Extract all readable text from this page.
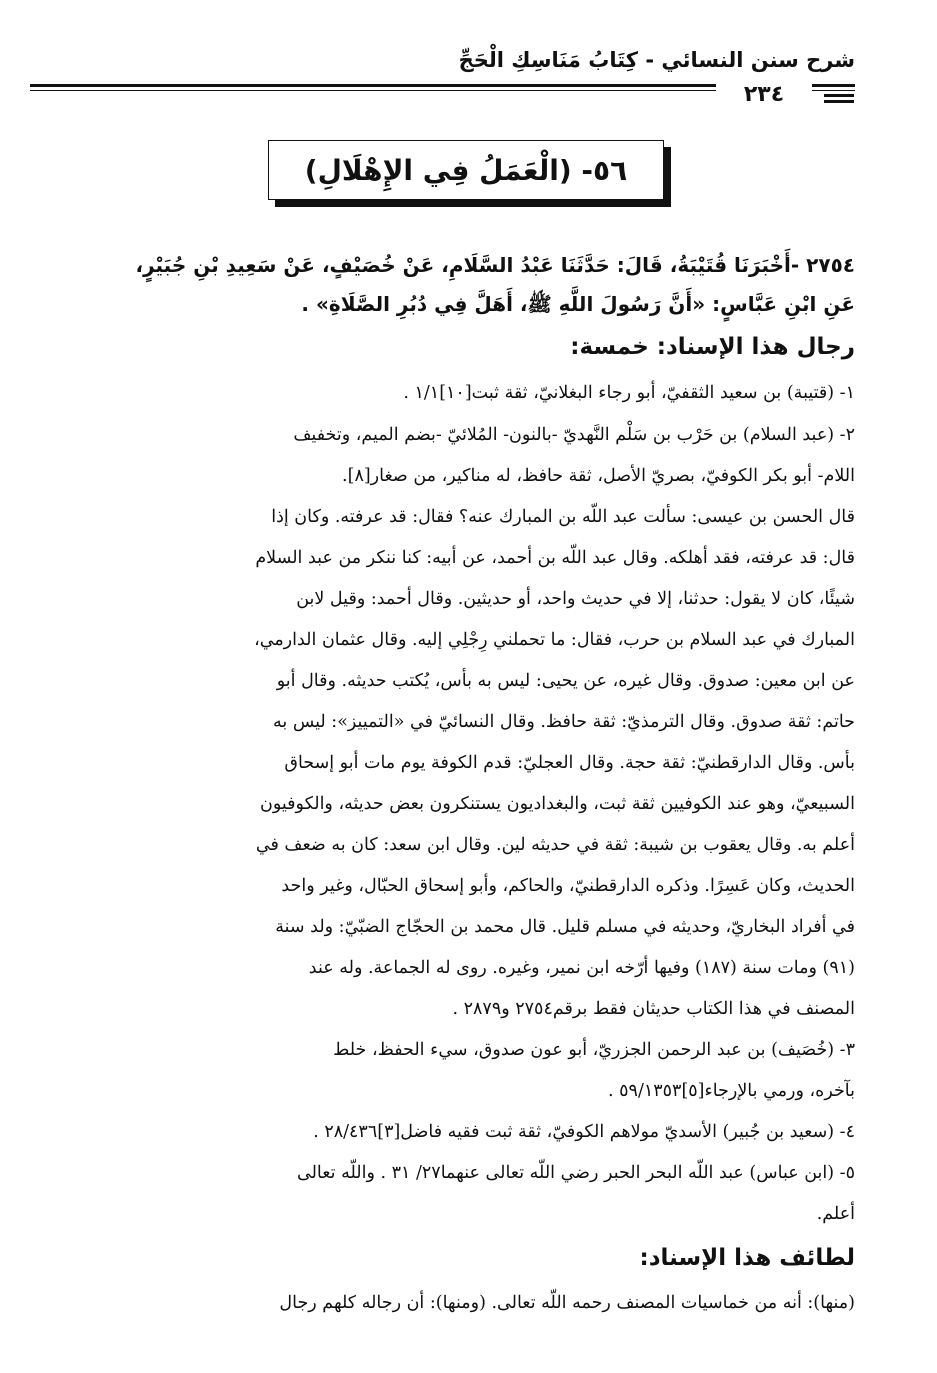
شرح سنن النسائي - كِتَابُ مَنَاسِكِ الْحَجِّ
٢٣٤
٥٦- (الْعَمَلُ فِي الإِهْلَالِ)
٢٧٥٤ -أَخْبَرَنَا قُتَيْبَةُ، قَالَ: حَدَّثَنَا عَبْدُ السَّلَامِ، عَنْ خُصَيْفٍ، عَنْ سَعِيدِ بْنِ جُبَيْرٍ،
عَنِ ابْنِ عَبَّاسٍ: «أَنَّ رَسُولَ اللَّهِ ﷺ، أَهَلَّ فِي دُبُرِ الصَّلَاةِ» .
رجال هذا الإسناد: خمسة:
١- (قتيبة) بن سعيد الثقفيّ، أبو رجاء البغلانيّ، ثقة ثبت[١٠]١/١ .
٢- (عبد السلام) بن حَرْب بن سَلْم النَّهديّ -بالنون- المُلائيّ -بضم الميم، وتخفيف
اللام- أبو بكر الكوفيّ، بصريّ الأصل، ثقة حافظ، له مناكير، من صغار[٨].
قال الحسن بن عيسى: سألت عبد اللّه بن المبارك عنه؟ فقال: قد عرفته. وكان إذا
قال: قد عرفته، فقد أهلكه. وقال عبد اللّه بن أحمد، عن أبيه: كنا ننكر من عبد السلام
شيئًا، كان لا يقول: حدثنا، إلا في حديث واحد، أو حديثين. وقال أحمد: وقيل لابن
المبارك في عبد السلام بن حرب، فقال: ما تحملني رِجْلِي إليه. وقال عثمان الدارمي،
عن ابن معين: صدوق. وقال غيره، عن يحيى: ليس به بأس، يُكتب حديثه. وقال أبو
حاتم: ثقة صدوق. وقال الترمذيّ: ثقة حافظ. وقال النسائيّ في «التمييز»: ليس به
بأس. وقال الدارقطنيّ: ثقة حجة. وقال العجليّ: قدم الكوفة يوم مات أبو إسحاق
السبيعيّ، وهو عند الكوفيين ثقة ثبت، والبغداديون يستنكرون بعض حديثه، والكوفيون
أعلم به. وقال يعقوب بن شيبة: ثقة في حديثه لين. وقال ابن سعد: كان به ضعف في
الحديث، وكان عَسِرًا. وذكره الدارقطنيّ، والحاكم، وأبو إسحاق الحبّال، وغير واحد
في أفراد البخاريّ، وحديثه في مسلم قليل. قال محمد بن الحجّاج الضبّيّ: ولد سنة
(٩١) ومات سنة (١٨٧) وفيها أرّخه ابن نمير، وغيره. روى له الجماعة. وله عند
المصنف في هذا الكتاب حديثان فقط برقم٢٧٥٤ و٢٨٧٩ .
٣- (خُصَيف) بن عبد الرحمن الجزريّ، أبو عون صدوق، سيء الحفظ، خلط
بآخره، ورمي بالإرجاء[٥]٥٩/١٣٥٣ .
٤- (سعيد بن جُبير) الأسديّ مولاهم الكوفيّ، ثقة ثبت فقيه فاضل[٣]٢٨/٤٣٦ .
٥- (ابن عباس) عبد اللّه البحر الحبر رضي اللّه تعالى عنهما٢٧/ ٣١ . واللّه تعالى
أعلم.
لطائف هذا الإسناد:
(منها): أنه من خماسيات المصنف رحمه اللّه تعالى. (ومنها): أن رجاله كلهم رجال
